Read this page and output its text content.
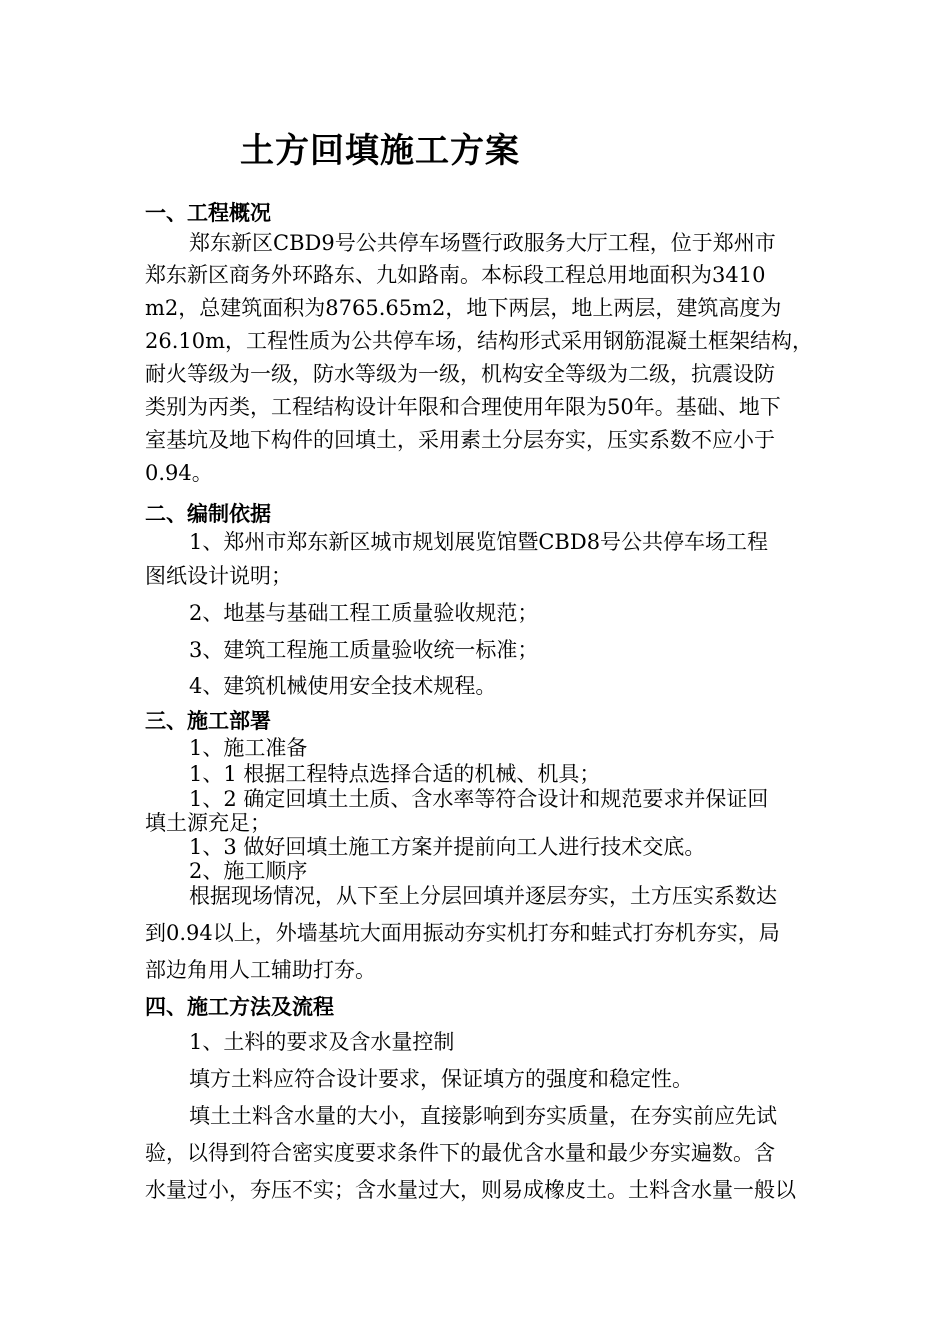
土方回填施工方案
一、工程概况
郑东新区CBD9号公共停车场暨行政服务大厅工程，位于郑州市
郑东新区商务外环路东、九如路南。本标段工程总用地面积为3410
m2，总建筑面积为8765.65m2，地下两层，地上两层，建筑高度为
26.10m，工程性质为公共停车场，结构形式采用钢筋混凝土框架结构，
耐火等级为一级，防水等级为一级，机构安全等级为二级，抗震设防
类别为丙类，工程结构设计年限和合理使用年限为50年。基础、地下
室基坑及地下构件的回填土，采用素土分层夯实，压实系数不应小于
0.94。
二、编制依据
1、郑州市郑东新区城市规划展览馆暨CBD8号公共停车场工程
图纸设计说明；
2、地基与基础工程工质量验收规范；
3、建筑工程施工质量验收统一标准；
4、建筑机械使用安全技术规程。
三、施工部署
1、施工准备
1、1 根据工程特点选择合适的机械、机具；
1、2 确定回填土土质、含水率等符合设计和规范要求并保证回
填土源充足；
1、3 做好回填土施工方案并提前向工人进行技术交底。
2、施工顺序
根据现场情况，从下至上分层回填并逐层夯实，土方压实系数达
到0.94以上，外墙基坑大面用振动夯实机打夯和蛙式打夯机夯实，局
部边角用人工辅助打夯。
四、施工方法及流程
1、土料的要求及含水量控制
填方土料应符合设计要求，保证填方的强度和稳定性。
填土土料含水量的大小，直接影响到夯实质量，在夯实前应先试
验，以得到符合密实度要求条件下的最优含水量和最少夯实遍数。含
水量过小，夯压不实；含水量过大，则易成橡皮土。土料含水量一般以
